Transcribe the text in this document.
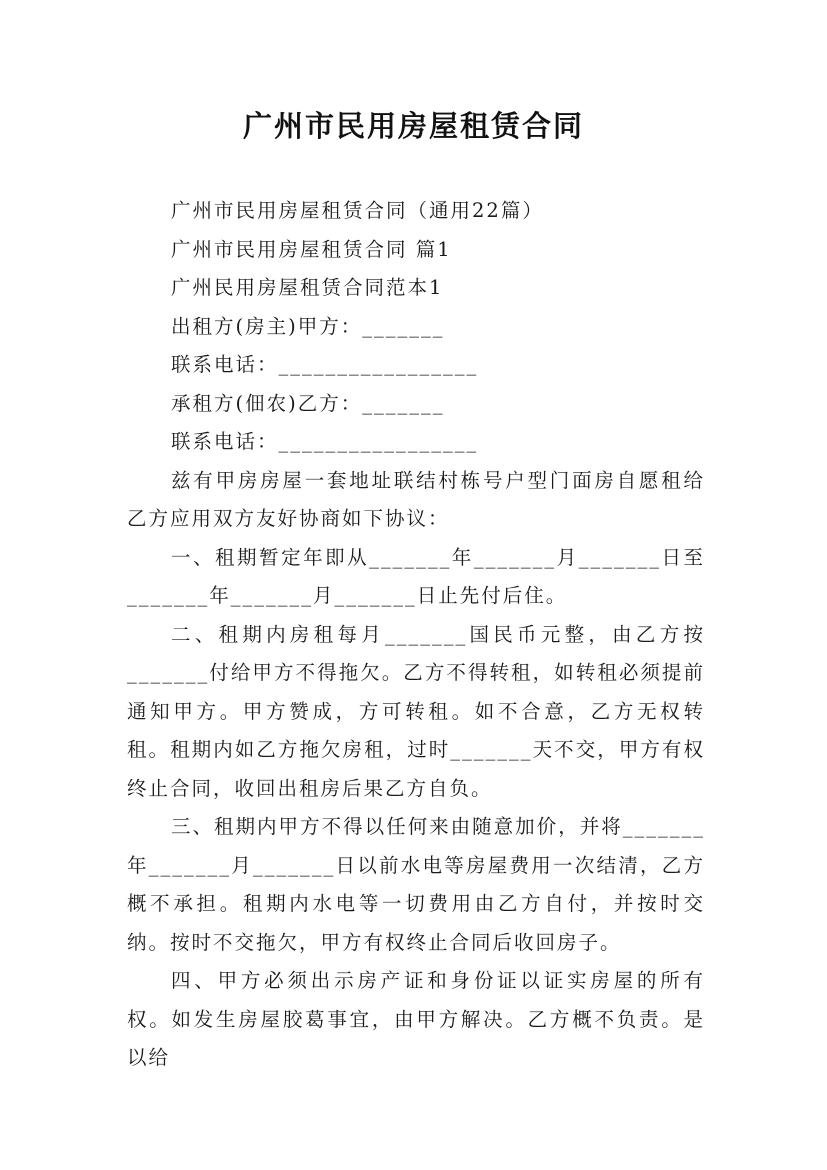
广州市民用房屋租赁合同

广州市民用房屋租赁合同（通用22篇）

广州市民用房屋租赁合同 篇1

广州民用房屋租赁合同范本1

出租方(房主)甲方：_______

联系电话：_________________

承租方(佃农)乙方：_______

联系电话：_________________

兹有甲房房屋一套地址联结村栋号户型门面房自愿租给乙方应用双方友好协商如下协议：

一、租期暂定年即从_______年_______月_______日至_______年_______月_______日止先付后住。

二、租期内房租每月_______国民币元整，由乙方按_______付给甲方不得拖欠。乙方不得转租，如转租必须提前通知甲方。甲方赞成，方可转租。如不合意，乙方无权转租。租期内如乙方拖欠房租，过时_______天不交，甲方有权终止合同，收回出租房后果乙方自负。

三、租期内甲方不得以任何来由随意加价，并将_______年_______月_______日以前水电等房屋费用一次结清，乙方概不承担。租期内水电等一切费用由乙方自付，并按时交纳。按时不交拖欠，甲方有权终止合同后收回房子。

四、甲方必须出示房产证和身份证以证实房屋的所有权。如发生房屋胶葛事宜，由甲方解决。乙方概不负责。是以给
